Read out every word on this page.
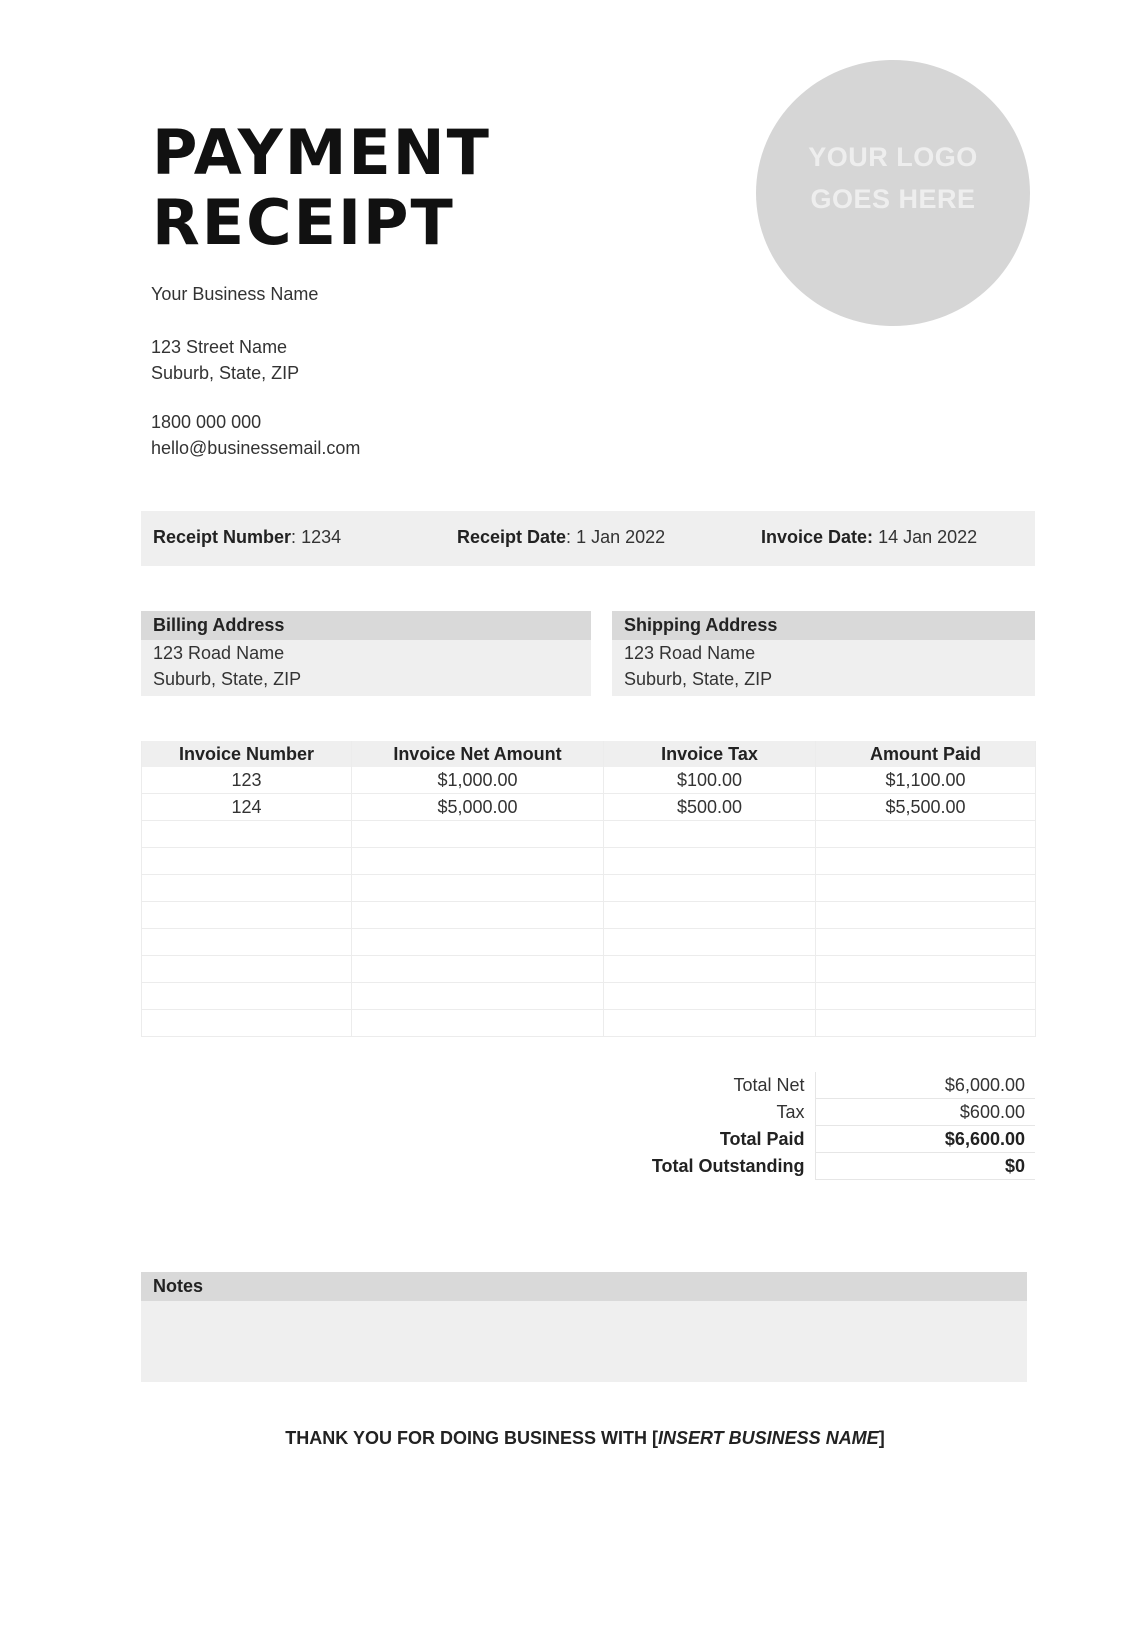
PAYMENT
RECEIPT
YOUR LOGO
GOES HERE
Your Business Name
123 Street Name
Suburb, State, ZIP
1800 000 000
hello@businessemail.com
Receipt Number: 1234	Receipt Date: 1 Jan 2022	Invoice Date: 14 Jan 2022
Billing Address
123 Road Name
Suburb, State, ZIP
Shipping Address
123 Road Name
Suburb, State, ZIP
Invoice Number	Invoice Net Amount	Invoice Tax	Amount Paid
123	$1,000.00	$100.00	$1,100.00
124	$5,000.00	$500.00	$5,500.00

Total Net	$6,000.00
Tax	$600.00
Total Paid	$6,600.00
Total Outstanding	$0
Notes
THANK YOU FOR DOING BUSINESS WITH [INSERT BUSINESS NAME]
